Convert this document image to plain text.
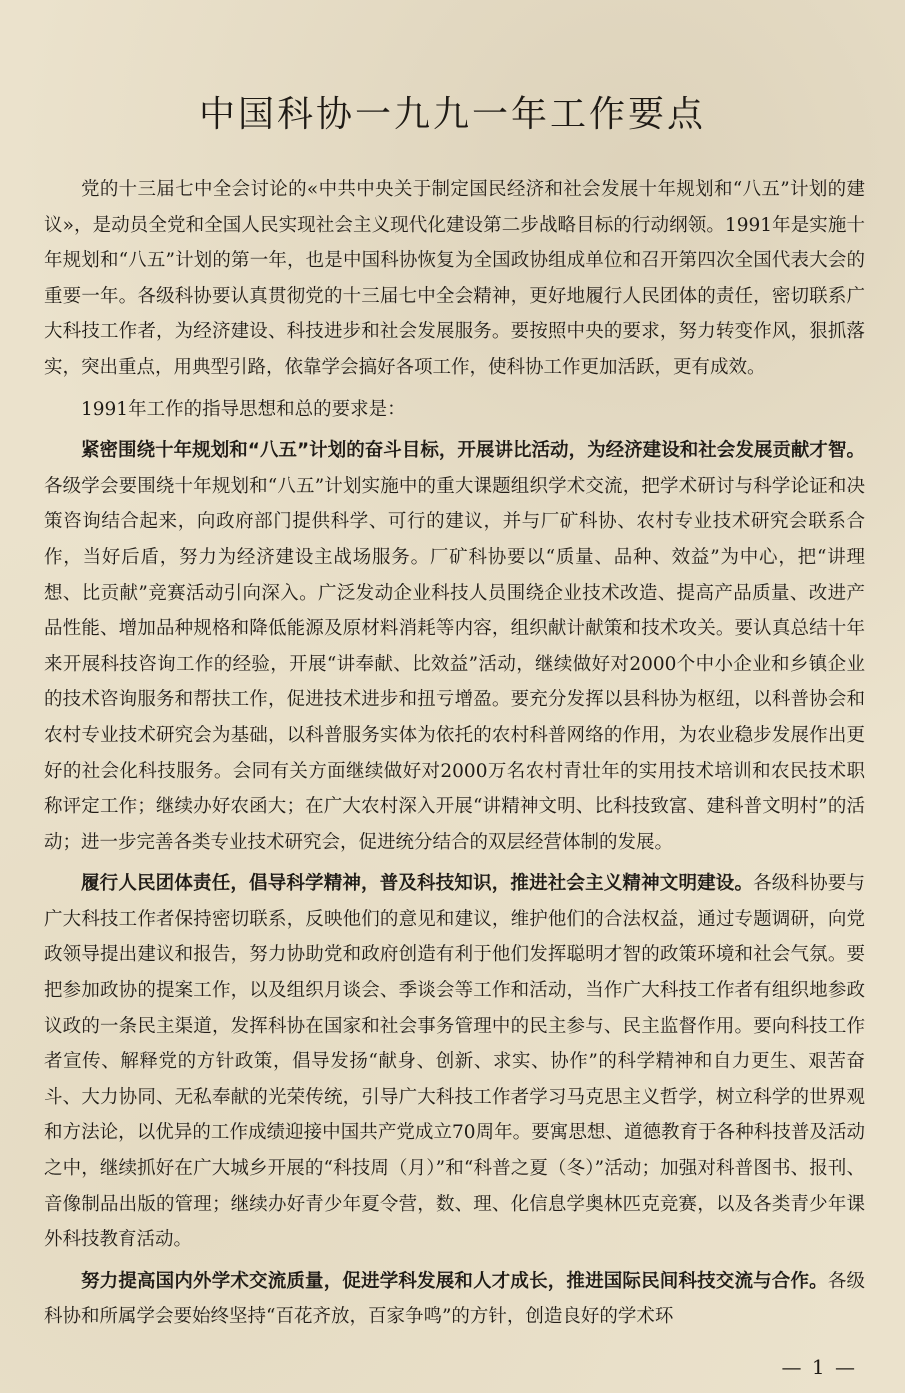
中国科协一九九一年工作要点

党的十三届七中全会讨论的«中共中央关于制定国民经济和社会发展十年规划和“八五”计划的建议»，是动员全党和全国人民实现社会主义现代化建设第二步战略目标的行动纲领。1991年是实施十年规划和“八五”计划的第一年，也是中国科协恢复为全国政协组成单位和召开第四次全国代表大会的重要一年。各级科协要认真贯彻党的十三届七中全会精神，更好地履行人民团体的责任，密切联系广大科技工作者，为经济建设、科技进步和社会发展服务。要按照中央的要求，努力转变作风，狠抓落实，突出重点，用典型引路，依靠学会搞好各项工作，使科协工作更加活跃，更有成效。

1991年工作的指导思想和总的要求是：

紧密围绕十年规划和“八五”计划的奋斗目标，开展讲比活动，为经济建设和社会发展贡献才智。各级学会要围绕十年规划和“八五”计划实施中的重大课题组织学术交流，把学术研讨与科学论证和决策咨询结合起来，向政府部门提供科学、可行的建议，并与厂矿科协、农村专业技术研究会联系合作，当好后盾，努力为经济建设主战场服务。厂矿科协要以“质量、品种、效益”为中心，把“讲理想、比贡献”竞赛活动引向深入。广泛发动企业科技人员围绕企业技术改造、提高产品质量、改进产品性能、增加品种规格和降低能源及原材料消耗等内容，组织献计献策和技术攻关。要认真总结十年来开展科技咨询工作的经验，开展“讲奉献、比效益”活动，继续做好对2000个中小企业和乡镇企业的技术咨询服务和帮扶工作，促进技术进步和扭亏增盈。要充分发挥以县科协为枢纽，以科普协会和农村专业技术研究会为基础，以科普服务实体为依托的农村科普网络的作用，为农业稳步发展作出更好的社会化科技服务。会同有关方面继续做好对2000万名农村青壮年的实用技术培训和农民技术职称评定工作；继续办好农函大；在广大农村深入开展“讲精神文明、比科技致富、建科普文明村”的活动；进一步完善各类专业技术研究会，促进统分结合的双层经营体制的发展。

履行人民团体责任，倡导科学精神，普及科技知识，推进社会主义精神文明建设。各级科协要与广大科技工作者保持密切联系，反映他们的意见和建议，维护他们的合法权益，通过专题调研，向党政领导提出建议和报告，努力协助党和政府创造有利于他们发挥聪明才智的政策环境和社会气氛。要把参加政协的提案工作，以及组织月谈会、季谈会等工作和活动，当作广大科技工作者有组织地参政议政的一条民主渠道，发挥科协在国家和社会事务管理中的民主参与、民主监督作用。要向科技工作者宣传、解释党的方针政策，倡导发扬“献身、创新、求实、协作”的科学精神和自力更生、艰苦奋斗、大力协同、无私奉献的光荣传统，引导广大科技工作者学习马克思主义哲学，树立科学的世界观和方法论，以优异的工作成绩迎接中国共产党成立70周年。要寓思想、道德教育于各种科技普及活动之中，继续抓好在广大城乡开展的“科技周（月）”和“科普之夏（冬）”活动；加强对科普图书、报刊、音像制品出版的管理；继续办好青少年夏令营，数、理、化信息学奥林匹克竞赛，以及各类青少年课外科技教育活动。

努力提高国内外学术交流质量，促进学科发展和人才成长，推进国际民间科技交流与合作。各级科协和所属学会要始终坚持“百花齐放，百家争鸣”的方针，创造良好的学术环

— 1 —
